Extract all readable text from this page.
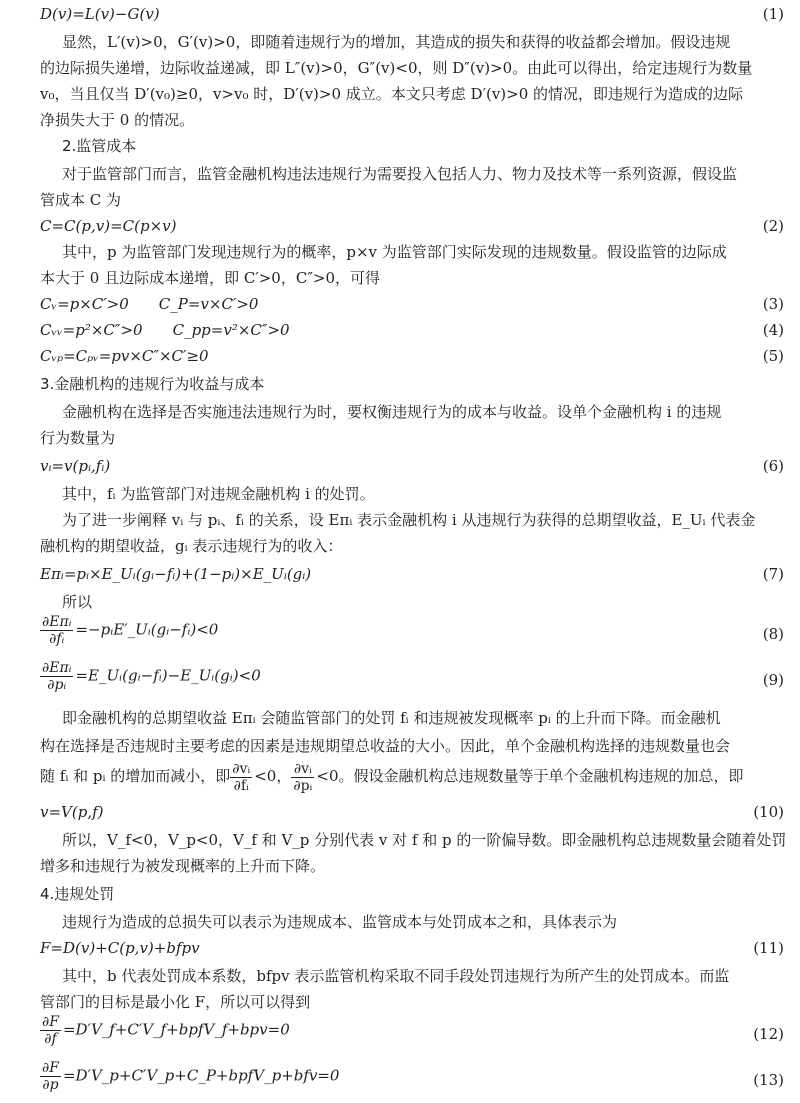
D(v)=L(v)−G(v)	(1)
显然，L′(v)>0，G′(v)>0，即随着违规行为的增加，其造成的损失和获得的收益都会增加。假设违规
的边际损失递增，边际收益递减，即 L″(v)>0，G″(v)<0，则 D″(v)>0。由此可以得出，给定违规行为数量
v₀，当且仅当 D′(v₀)≥0，v>v₀ 时，D′(v)>0 成立。本文只考虑 D′(v)>0 的情况，即违规行为造成的边际
净损失大于 0 的情况。
2.监管成本
对于监管部门而言，监管金融机构违法违规行为需要投入包括人力、物力及技术等一系列资源，假设监
管成本 C 为
C=C(p,v)=C(p×v)	(2)
其中，p 为监管部门发现违规行为的概率，p×v 为监管部门实际发现的违规数量。假设监管的边际成
本大于 0 且边际成本递增，即 C′>0，C″>0，可得
Cᵥ=p×C′>0　　C_P=v×C′>0	(3)
Cᵥᵥ=p²×C″>0　　C_pp=v²×C″>0	(4)
Cᵥₚ=Cₚᵥ=pv×C″×C′≥0	(5)
3.金融机构的违规行为收益与成本
金融机构在选择是否实施违法违规行为时，要权衡违规行为的成本与收益。设单个金融机构 i 的违规
行为数量为
vᵢ=v(pᵢ,fᵢ)	(6)
其中，fᵢ 为监管部门对违规金融机构 i 的处罚。
为了进一步阐释 vᵢ 与 pᵢ、fᵢ 的关系，设 Eπᵢ 表示金融机构 i 从违规行为获得的总期望收益，E_Uᵢ 代表金
融机构的期望收益，gᵢ 表示违规行为的收入：
Eπᵢ=pᵢ×E_Uᵢ(gᵢ−fᵢ)+(1−pᵢ)×E_Uᵢ(gᵢ)	(7)
所以
$\frac{\text{∂Eπᵢ}}{\text{∂fᵢ}}$ =−pᵢE′_Uᵢ(gᵢ−fᵢ)<0	(8)
$\frac{\text{∂Eπᵢ}}{\text{∂pᵢ}}$ =E_Uᵢ(gᵢ−fᵢ)−E_Uᵢ(gᵢ)<0	(9)
即金融机构的总期望收益 Eπᵢ 会随监管部门的处罚 fᵢ 和违规被发现概率 pᵢ 的上升而下降。而金融机
构在选择是否违规时主要考虑的因素是违规期望总收益的大小。因此，单个金融机构选择的违规数量也会
随 fᵢ 和 pᵢ 的增加而减小，即 $\frac{\text{∂vᵢ}}{\text{∂fᵢ}} <0$， $\frac{\text{∂vᵢ}}{\text{∂pᵢ}} <0$。假设金融机构总违规数量等于单个金融机构违规的加总，即
v=V(p,f)	(10)
所以，V_f<0，V_p<0，V_f 和 V_p 分别代表 v 对 f 和 p 的一阶偏导数。即金融机构总违规数量会随着处罚
增多和违规行为被发现概率的上升而下降。
4.违规处罚
违规行为造成的总损失可以表示为违规成本、监管成本与处罚成本之和，具体表示为
F=D(v)+C(p,v)+bfpv	(11)
其中，b 代表处罚成本系数，bfpv 表示监管机构采取不同手段处罚违规行为所产生的处罚成本。而监
管部门的目标是最小化 F，所以可以得到
$\frac{\partial F}{\partial f}$ =D′V_f+C′V_f+bpfV_f+bpv=0	(12)
$\frac{\partial F}{\partial p}$ =D′V_p+C′V_p+C_P+bpfV_p+bfv=0	(13)
